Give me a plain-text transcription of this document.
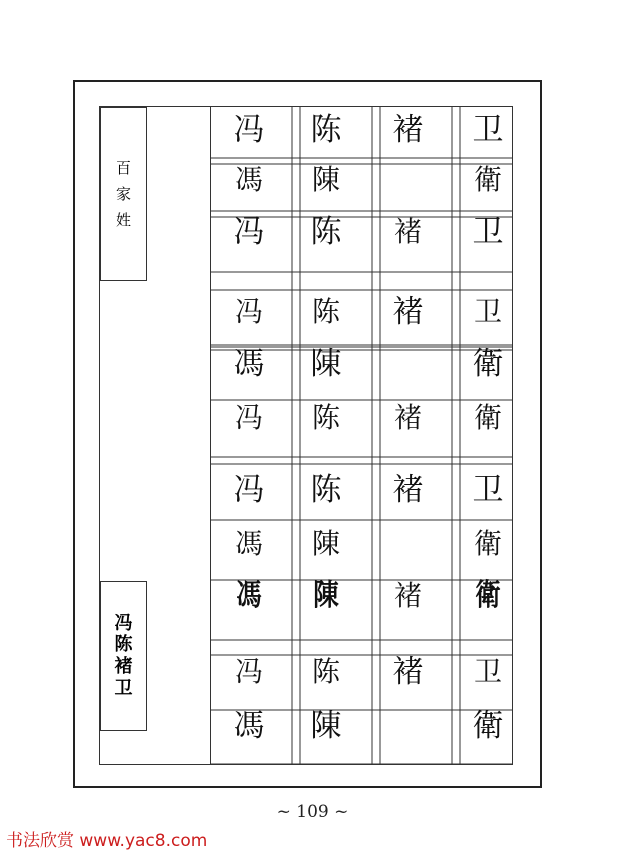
百
家
姓
冯
陈
褚
卫
冯
馮
冯
冯
馮
冯
冯
馮
馮
冯
馮
陈
陳
陈
陈
陳
陈
陈
陳
陳
陈
陳
褚
褚
褚
褚
褚
褚
褚
卫
衛
卫
卫
衛
衛
卫
衛
衛
卫
衛
~ 109 ~
书法欣赏 www.yac8.com
